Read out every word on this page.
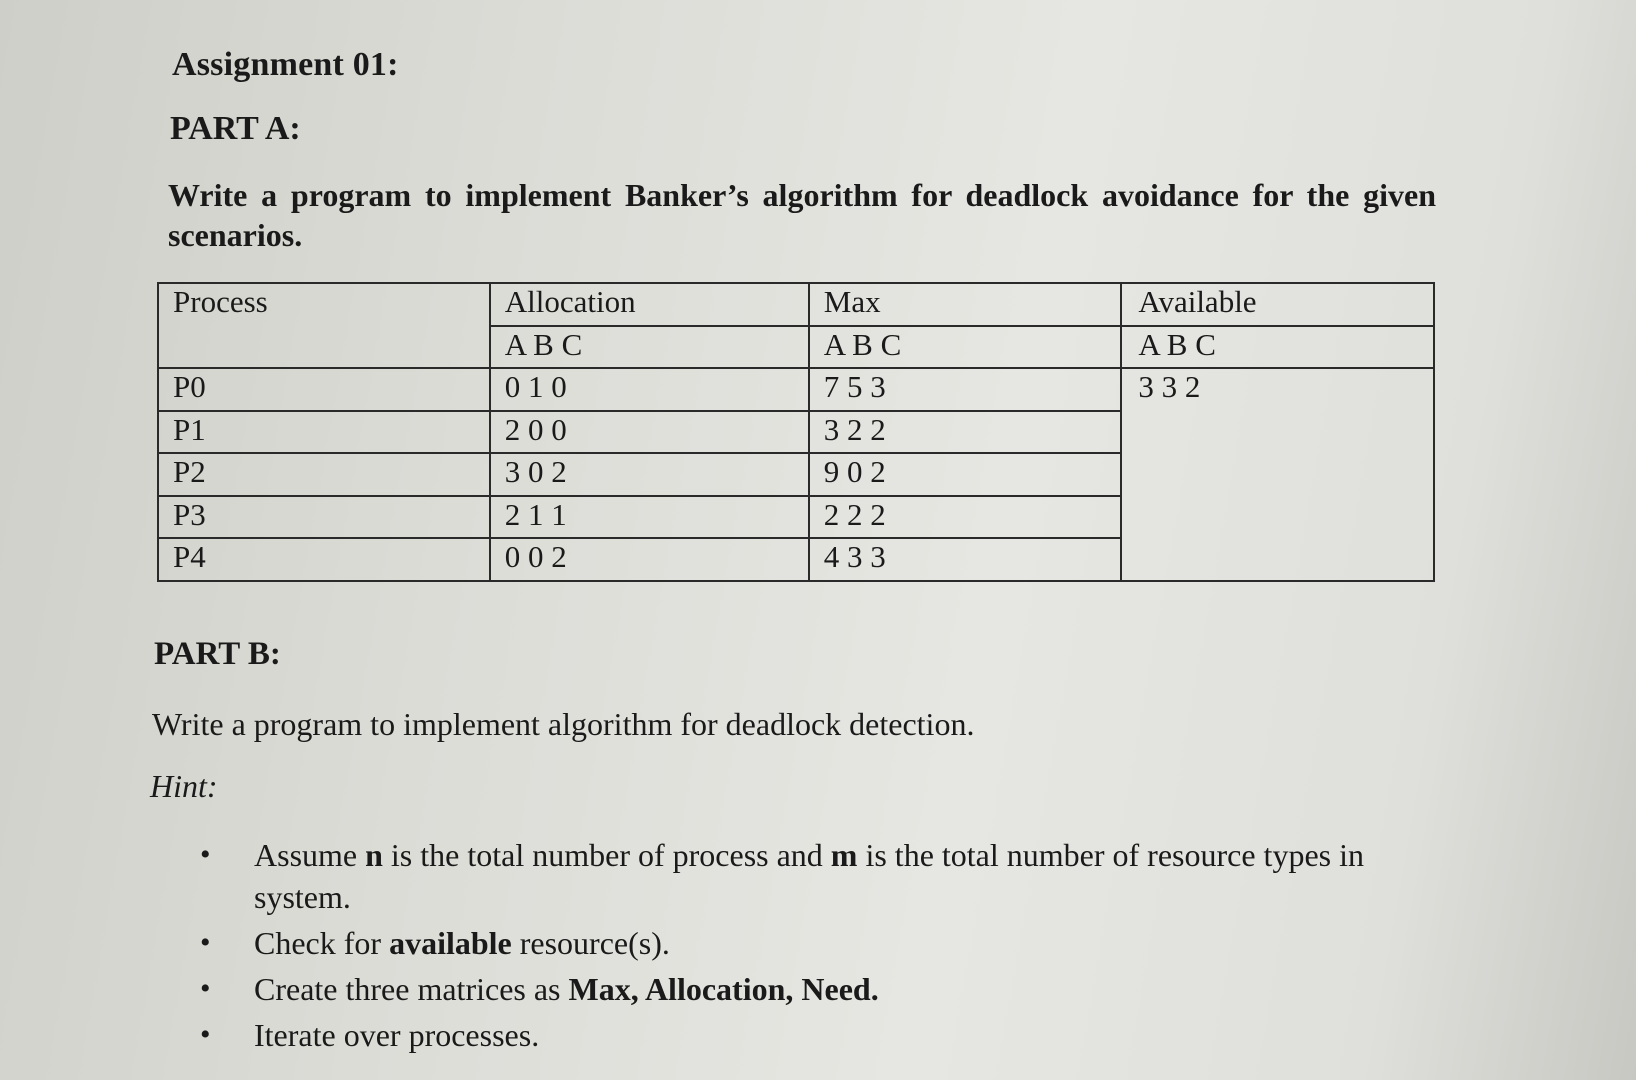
Assignment 01:
PART A:
Write a program to implement Banker’s algorithm for deadlock avoidance for the given scenarios.
Process	Allocation	Max	Available
	A B C	A B C	A B C
P0	0 1 0	7 5 3	3 3 2
P1	2 0 0	3 2 2	
P2	3 0 2	9 0 2	
P3	2 1 1	2 2 2	
P4	0 0 2	4 3 3	
PART B:
Write a program to implement algorithm for deadlock detection.
Hint:
• Assume n is the total number of process and m is the total number of resource types in system.
• Check for available resource(s).
• Create three matrices as Max, Allocation, Need.
• Iterate over processes.
